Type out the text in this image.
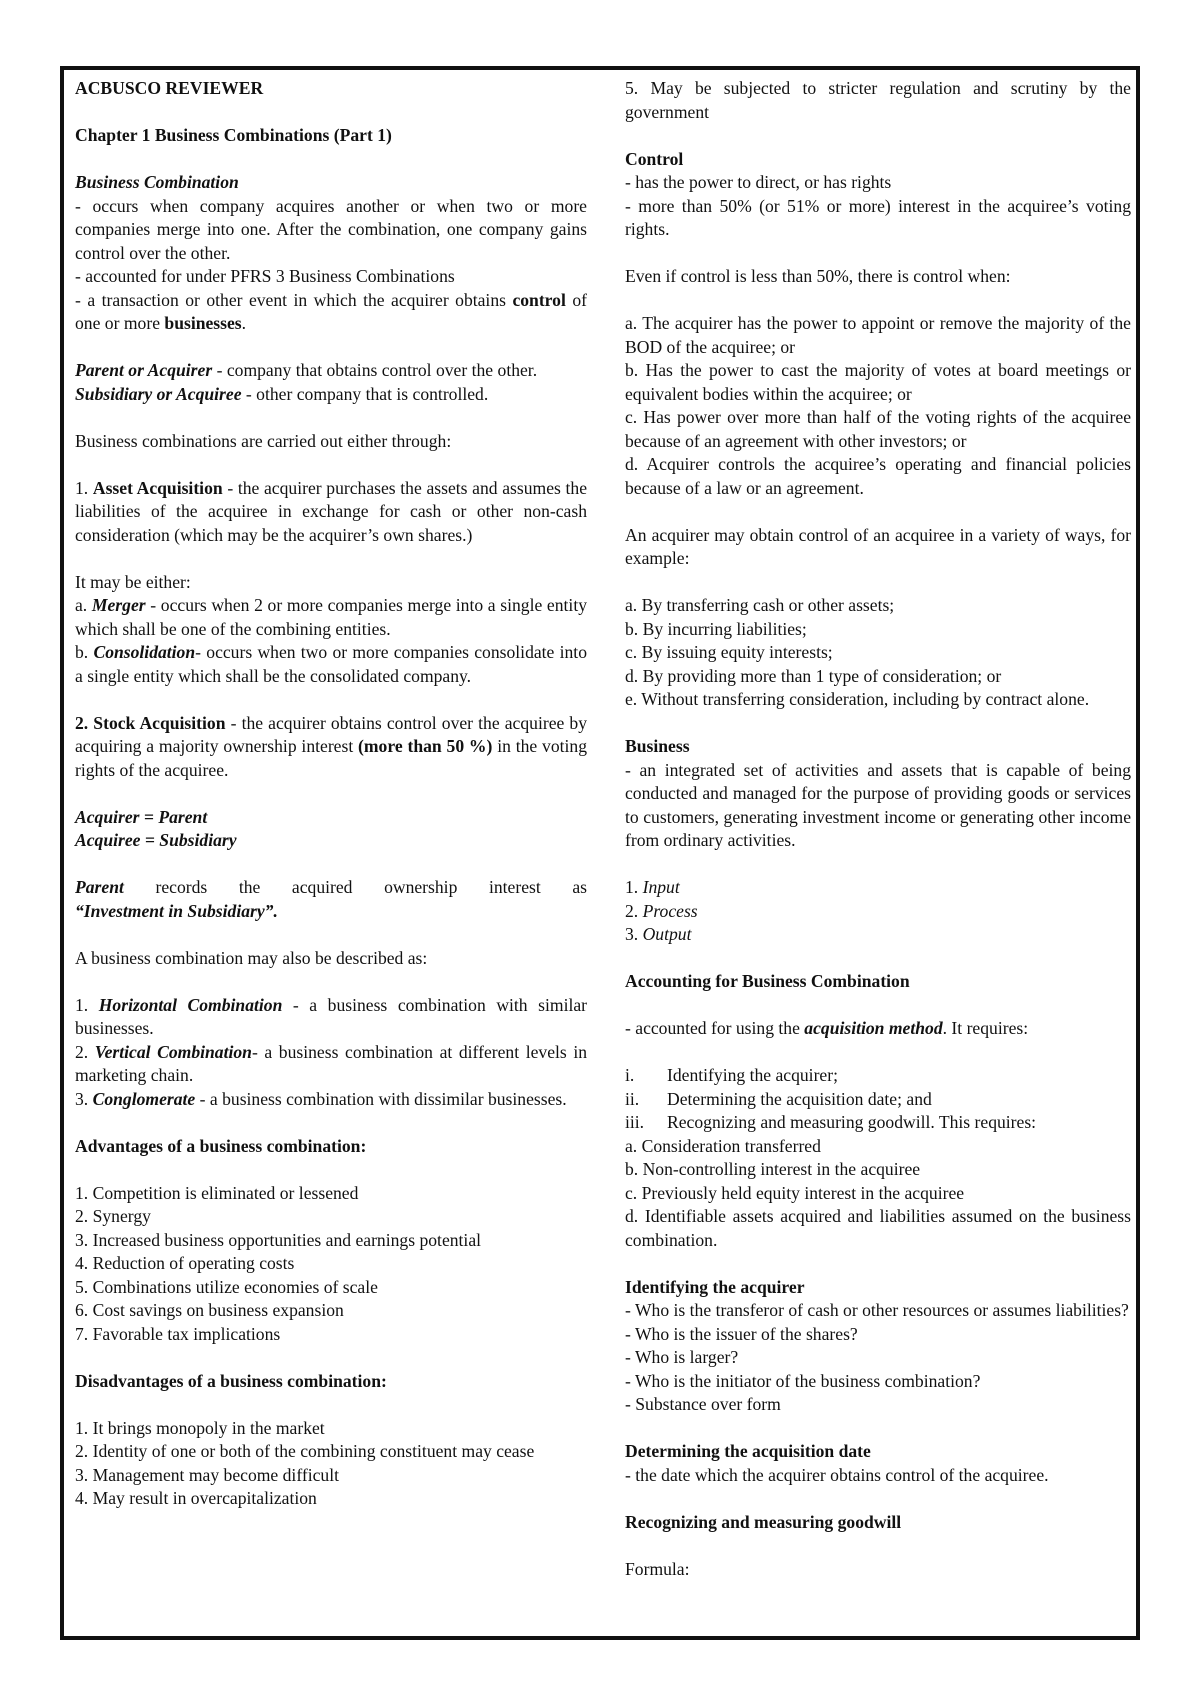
ACBUSCO REVIEWER
Chapter 1 Business Combinations (Part 1)
Business Combination
- occurs when company acquires another or when two or more companies merge into one. After the combination, one company gains control over the other.
- accounted for under PFRS 3 Business Combinations
- a transaction or other event in which the acquirer obtains control of one or more businesses.
Parent or Acquirer - company that obtains control over the other.
Subsidiary or Acquiree - other company that is controlled.
Business combinations are carried out either through:
1. Asset Acquisition - the acquirer purchases the assets and assumes the liabilities of the acquiree in exchange for cash or other non-cash consideration (which may be the acquirer’s own shares.)
It may be either:
a. Merger - occurs when 2 or more companies merge into a single entity which shall be one of the combining entities.
b. Consolidation- occurs when two or more companies consolidate into a single entity which shall be the consolidated company.
2. Stock Acquisition - the acquirer obtains control over the acquiree by acquiring a majority ownership interest (more than 50 %) in the voting rights of the acquiree.
Acquirer = Parent
Acquiree = Subsidiary
Parent records the acquired ownership interest as
“Investment in Subsidiary”.
A business combination may also be described as:
1. Horizontal Combination - a business combination with similar businesses.
2. Vertical Combination- a business combination at different levels in marketing chain.
3. Conglomerate - a business combination with dissimilar businesses.
Advantages of a business combination:
1. Competition is eliminated or lessened
2. Synergy
3. Increased business opportunities and earnings potential
4. Reduction of operating costs
5. Combinations utilize economies of scale
6. Cost savings on business expansion
7. Favorable tax implications
Disadvantages of a business combination:
1. It brings monopoly in the market
2. Identity of one or both of the combining constituent may cease
3. Management may become difficult
4. May result in overcapitalization
5. May be subjected to stricter regulation and scrutiny by the government
Control
- has the power to direct, or has rights
- more than 50% (or 51% or more) interest in the acquiree’s voting rights.
Even if control is less than 50%, there is control when:
a. The acquirer has the power to appoint or remove the majority of the BOD of the acquiree; or
b. Has the power to cast the majority of votes at board meetings or equivalent bodies within the acquiree; or
c. Has power over more than half of the voting rights of the acquiree because of an agreement with other investors; or
d. Acquirer controls the acquiree’s operating and financial policies because of a law or an agreement.
An acquirer may obtain control of an acquiree in a variety of ways, for example:
a. By transferring cash or other assets;
b. By incurring liabilities;
c. By issuing equity interests;
d. By providing more than 1 type of consideration; or
e. Without transferring consideration, including by contract alone.
Business
- an integrated set of activities and assets that is capable of being conducted and managed for the purpose of providing goods or services to customers, generating investment income or generating other income from ordinary activities.
1. Input
2. Process
3. Output
Accounting for Business Combination
- accounted for using the acquisition method. It requires:
i.	Identifying the acquirer;
ii.	Determining the acquisition date; and
iii.	Recognizing and measuring goodwill. This requires:
a. Consideration transferred
b. Non-controlling interest in the acquiree
c. Previously held equity interest in the acquiree
d. Identifiable assets acquired and liabilities assumed on the business combination.
Identifying the acquirer
- Who is the transferor of cash or other resources or assumes liabilities?
- Who is the issuer of the shares?
- Who is larger?
- Who is the initiator of the business combination?
- Substance over form
Determining the acquisition date
- the date which the acquirer obtains control of the acquiree.
Recognizing and measuring goodwill
Formula:
